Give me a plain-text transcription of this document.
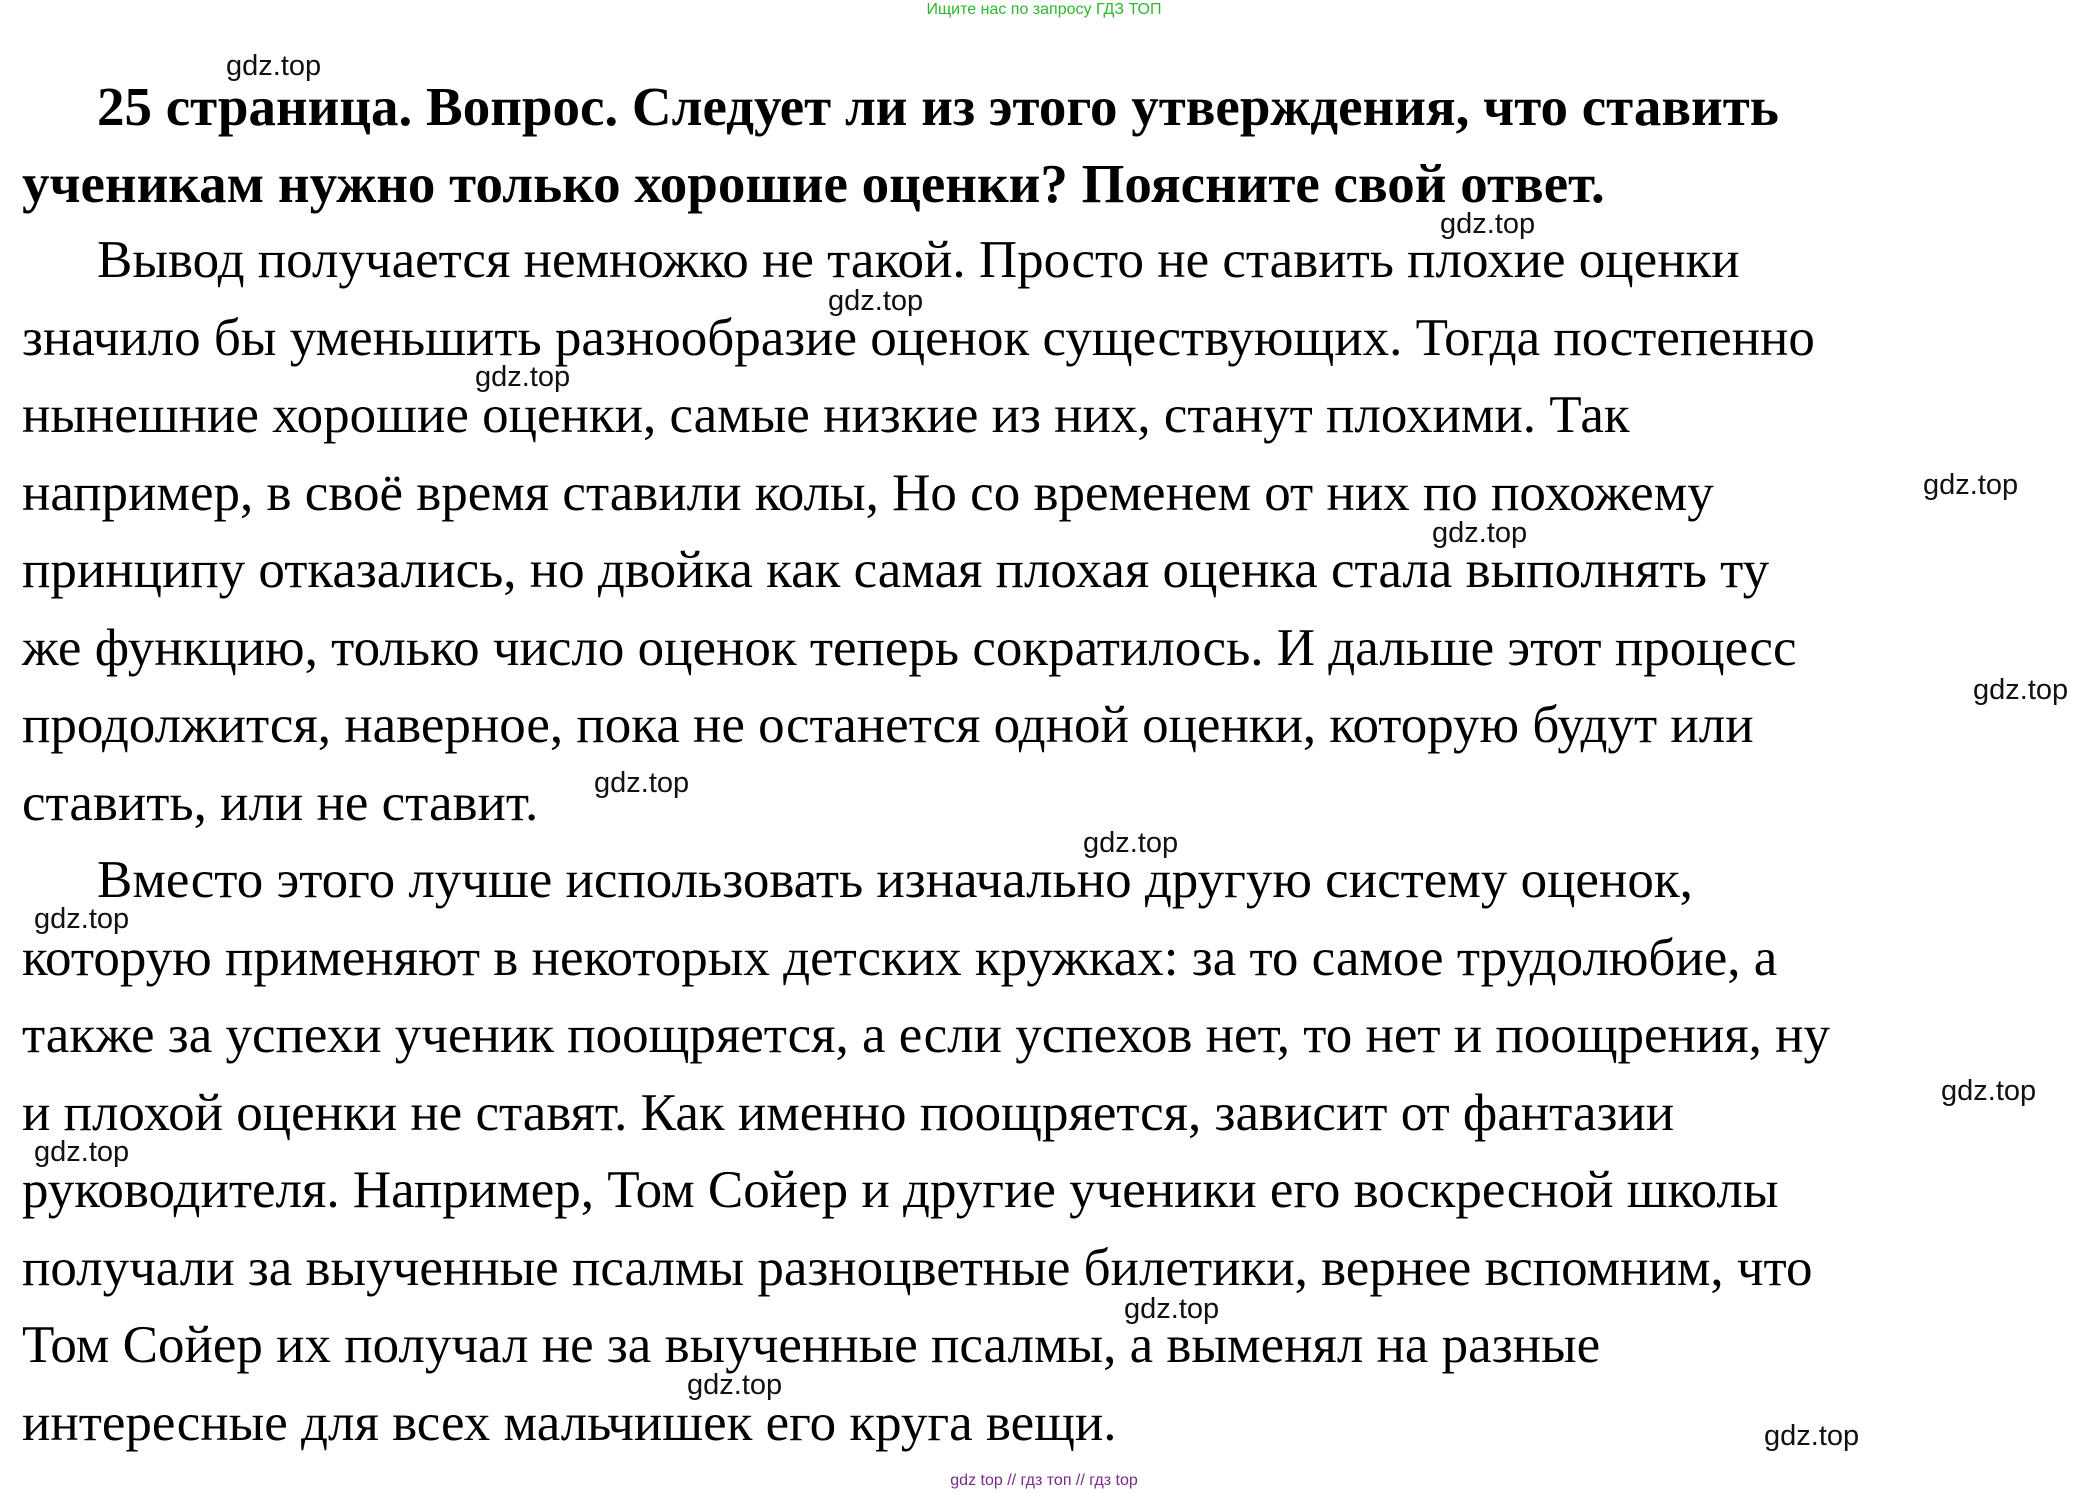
Ищите нас по запросу ГДЗ ТОП
25 страница. Вопрос. Следует ли из этого утверждения, что ставить
ученикам нужно только хорошие оценки? Поясните свой ответ.

Вывод получается немножко не такой. Просто не ставить плохие оценки
значило бы уменьшить разнообразие оценок существующих. Тогда постепенно
нынешние хорошие оценки, самые низкие из них, станут плохими. Так
например, в своё время ставили колы, Но со временем от них по похожему
принципу отказались, но двойка как самая плохая оценка стала выполнять ту
же функцию, только число оценок теперь сократилось. И дальше этот процесс
продолжится, наверное, пока не останется одной оценки, которую будут или
ставить, или не ставит.

Вместо этого лучше использовать изначально другую систему оценок,
которую применяют в некоторых детских кружках: за то самое трудолюбие, а
также за успехи ученик поощряется, а если успехов нет, то нет и поощрения, ну
и плохой оценки не ставят. Как именно поощряется, зависит от фантазии
руководителя. Например, Том Сойер и другие ученики его воскресной школы
получали за выученные псалмы разноцветные билетики, вернее вспомним, что
Том Сойер их получал не за выученные псалмы, а выменял на разные
интересные для всех мальчишек его круга вещи.

gdz.top
gdz.top
gdz.top
gdz.top
gdz.top
gdz.top
gdz.top
gdz.top
gdz.top
gdz.top
gdz.top
gdz.top
gdz.top
gdz.top
gdz.top
gdz top // гдз топ // гдз top
